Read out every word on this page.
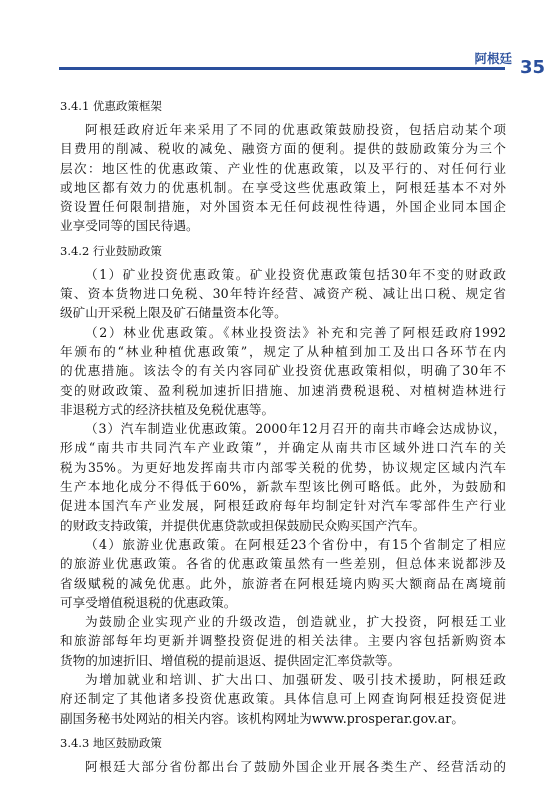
阿根廷 35
3.4.1 优惠政策框架
阿根廷政府近年来采用了不同的优惠政策鼓励投资，包括启动某个项
目费用的削减、税收的减免、融资方面的便利。提供的鼓励政策分为三个
层次：地区性的优惠政策、产业性的优惠政策，以及平行的、对任何行业
或地区都有效力的优惠机制。在享受这些优惠政策上，阿根廷基本不对外
资设置任何限制措施，对外国资本无任何歧视性待遇，外国企业同本国企
业享受同等的国民待遇。
3.4.2 行业鼓励政策
（1）矿业投资优惠政策。矿业投资优惠政策包括30年不变的财政政
策、资本货物进口免税、30年特许经营、减资产税、减让出口税、规定省
级矿山开采税上限及矿石储量资本化等。
（2）林业优惠政策。《林业投资法》补充和完善了阿根廷政府1992
年颁布的“林业种植优惠政策”，规定了从种植到加工及出口各环节在内
的优惠措施。该法令的有关内容同矿业投资优惠政策相似，明确了30年不
变的财政政策、盈利税加速折旧措施、加速消费税退税、对植树造林进行
非退税方式的经济扶植及免税优惠等。
（3）汽车制造业优惠政策。2000年12月召开的南共市峰会达成协议，
形成“南共市共同汽车产业政策”，并确定从南共市区域外进口汽车的关
税为35%。为更好地发挥南共市内部零关税的优势，协议规定区域内汽车
生产本地化成分不得低于60%，新款车型该比例可略低。此外，为鼓励和
促进本国汽车产业发展，阿根廷政府每年均制定针对汽车零部件生产行业
的财政支持政策，并提供优惠贷款或担保鼓励民众购买国产汽车。
（4）旅游业优惠政策。在阿根廷23个省份中，有15个省制定了相应
的旅游业优惠政策。各省的优惠政策虽然有一些差别，但总体来说都涉及
省级赋税的减免优惠。此外，旅游者在阿根廷境内购买大额商品在离境前
可享受增值税退税的优惠政策。
为鼓励企业实现产业的升级改造，创造就业，扩大投资，阿根廷工业
和旅游部每年均更新并调整投资促进的相关法律。主要内容包括新购资本
货物的加速折旧、增值税的提前退返、提供固定汇率贷款等。
为增加就业和培训、扩大出口、加强研发、吸引技术援助，阿根廷政
府还制定了其他诸多投资优惠政策。具体信息可上网查询阿根廷投资促进
副国务秘书处网站的相关内容。该机构网址为www.prosperar.gov.ar。
3.4.3 地区鼓励政策
阿根廷大部分省份都出台了鼓励外国企业开展各类生产、经营活动的
